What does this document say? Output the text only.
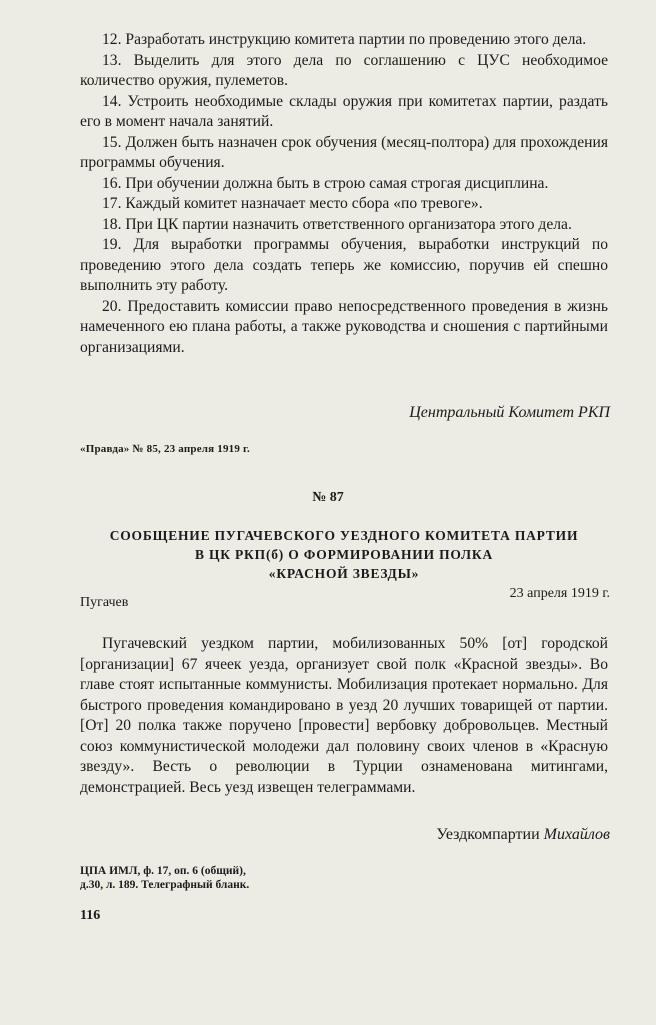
12. Разработать инструкцию комитета партии по проведению этого дела.

13. Выделить для этого дела по соглашению с ЦУС необходимое количество оружия, пулеметов.

14. Устроить необходимые склады оружия при комитетах партии, раздать его в момент начала занятий.

15. Должен быть назначен срок обучения (месяц-полтора) для прохождения программы обучения.

16. При обучении должна быть в строю самая строгая дисциплина.

17. Каждый комитет назначает место сбора «по тревоге».

18. При ЦК партии назначить ответственного организатора этого дела.

19. Для выработки программы обучения, выработки инструкций по проведению этого дела создать теперь же комиссию, поручив ей спешно выполнить эту работу.

20. Предоставить комиссии право непосредственного проведения в жизнь намеченного ею плана работы, а также руководства и сношения с партийными организациями.

Центральный Комитет РКП
«Правда» № 85, 23 апреля 1919 г.
№ 87
СООБЩЕНИЕ ПУГАЧЕВСКОГО УЕЗДНОГО КОМИТЕТА ПАРТИИ
В ЦК РКП(б) О ФОРМИРОВАНИИ ПОЛКА
«КРАСНОЙ ЗВЕЗДЫ»
Пугачев
23 апреля 1919 г.

Пугачевский уездком партии, мобилизованных 50% [от] городской [организации] 67 ячеек уезда, организует свой полк «Красной звезды». Во главе стоят испытанные коммунисты. Мобилизация протекает нормально. Для быстрого проведения командировано в уезд 20 лучших товарищей от партии. [От] 20 полка также поручено [провести] вербовку добровольцев. Местный союз коммунистической молодежи дал половину своих членов в «Красную звезду». Весть о революции в Турции ознаменована митингами, демонстрацией. Весь уезд извещен телеграммами.

Уездкомпартии Михайлов
ЦПА ИМЛ, ф. 17, оп. 6 (общий),
д.30, л. 189. Телеграфный бланк.
116
